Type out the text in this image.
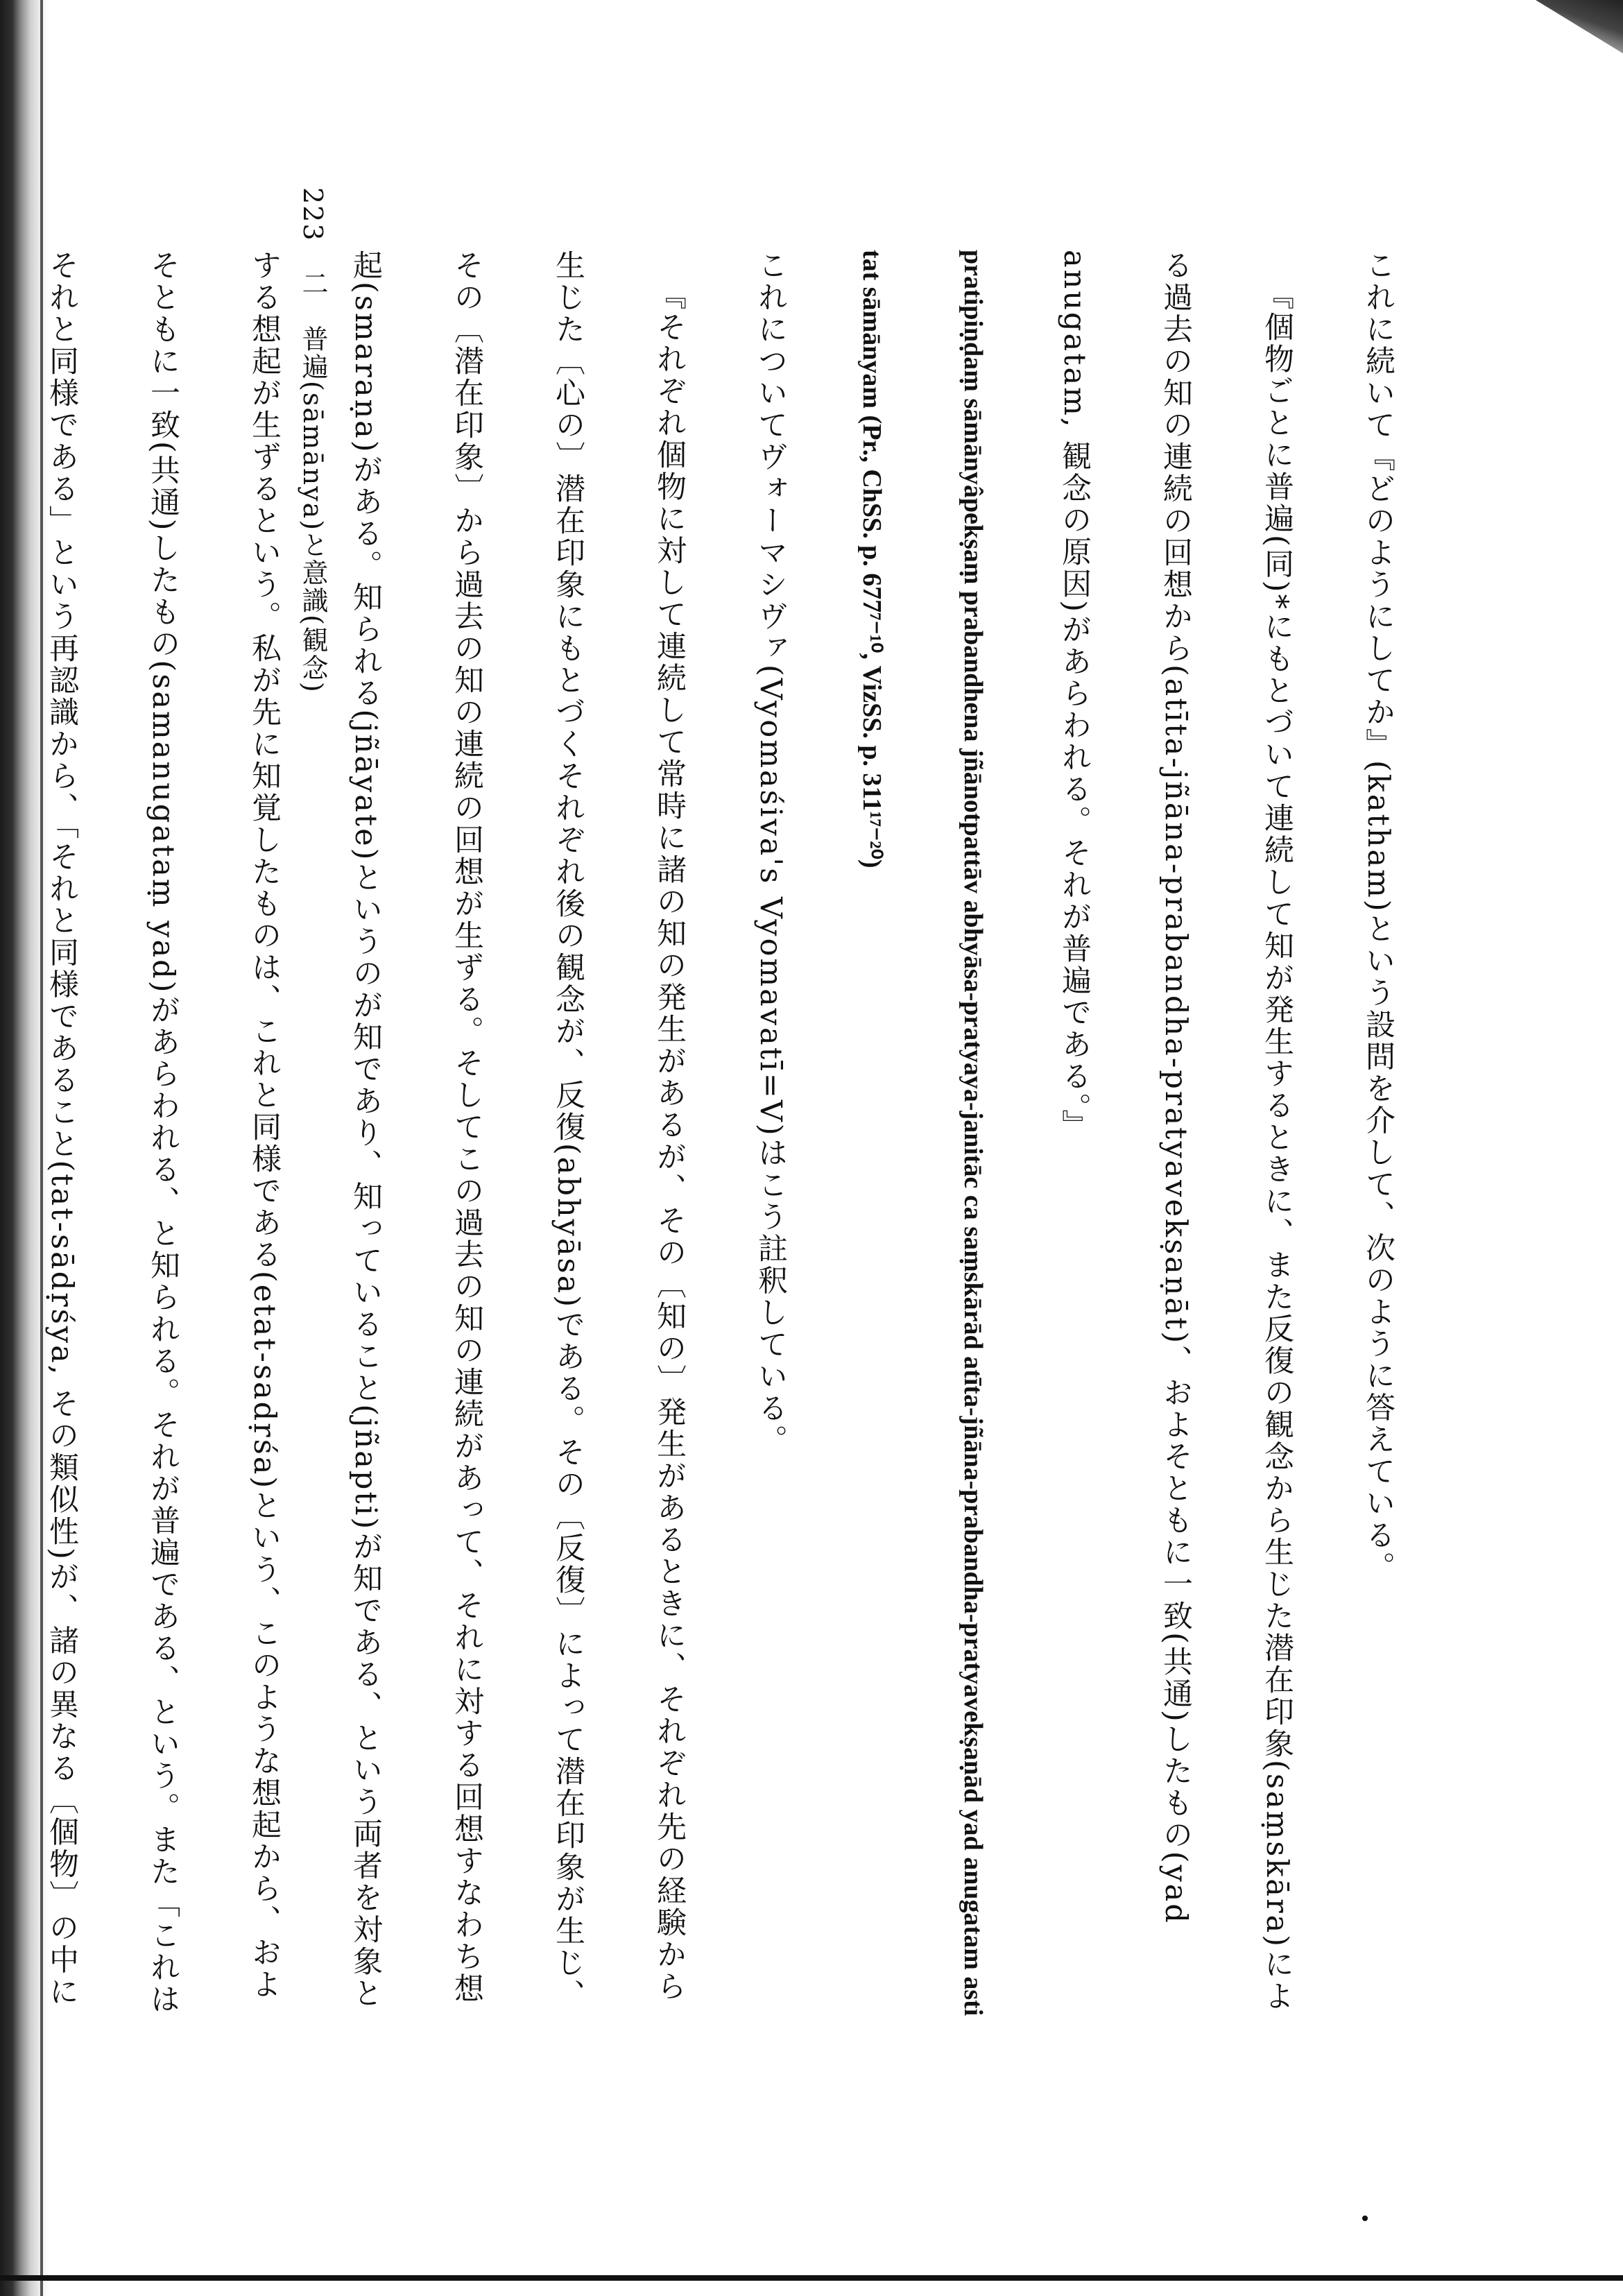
223
二
普遍(sāmānya)と意識(観念)	これに続いて『どのようにしてか』(katham)という設問を介して、次のように答えている。

『個物ごとに普遍(同)*にもとづいて連続して知が発生するときに、また反復の観念から生じた潜在印象(saṃskāra)による過去の知の連続の回想から(atīta-jñāna-prabandha-pratyavekṣaṇāt)、およそともに一致(共通)したもの(yad anugatam, 観念の原因)があらわれる。それが普遍である。』

pratipiṇḍaṃ sāmānyâpekṣaṃ prabandhena jñānotpattāv abhyāsa-pratyaya-janitāc ca saṃskārād atīta-jñāna-prabandha-pratyavekṣaṇād yad anugatam asti tat sāmānyam (Pr., ChSS. p. 677⁷⁻¹⁰, VizSS. p. 311¹⁷⁻²⁰)

これについてヴォーマシヴァ(Vyomaśiva's Vyomavatī=V)はこう註釈している。

『それぞれ個物に対して連続して常時に諸の知の発生があるが、その〔知の〕発生があるときに、それぞれ先の経験から生じた〔心の〕潜在印象にもとづくそれぞれ後の観念が、反復(abhyāsa)である。その〔反復〕によって潜在印象が生じ、その〔潜在印象〕から過去の知の連続の回想が生ずる。そしてこの過去の知の連続があって、それに対する回想すなわち想起(smaraṇa)がある。知られる(jñāyate)というのが知であり、知っていること(jñapti)が知である、という両者を対象とする想起が生ずるという。私が先に知覚したものは、これと同様である(etat-sadṛśa)という、このような想起から、およそともに一致(共通)したもの(samanugataṃ yad)があらわれる、と知られる。それが普遍である、という。また「これはそれと同様である」という再認識から、「それと同様であること(tat-sādṛśya, その類似性)が、諸の異なる〔個物〕の中に
